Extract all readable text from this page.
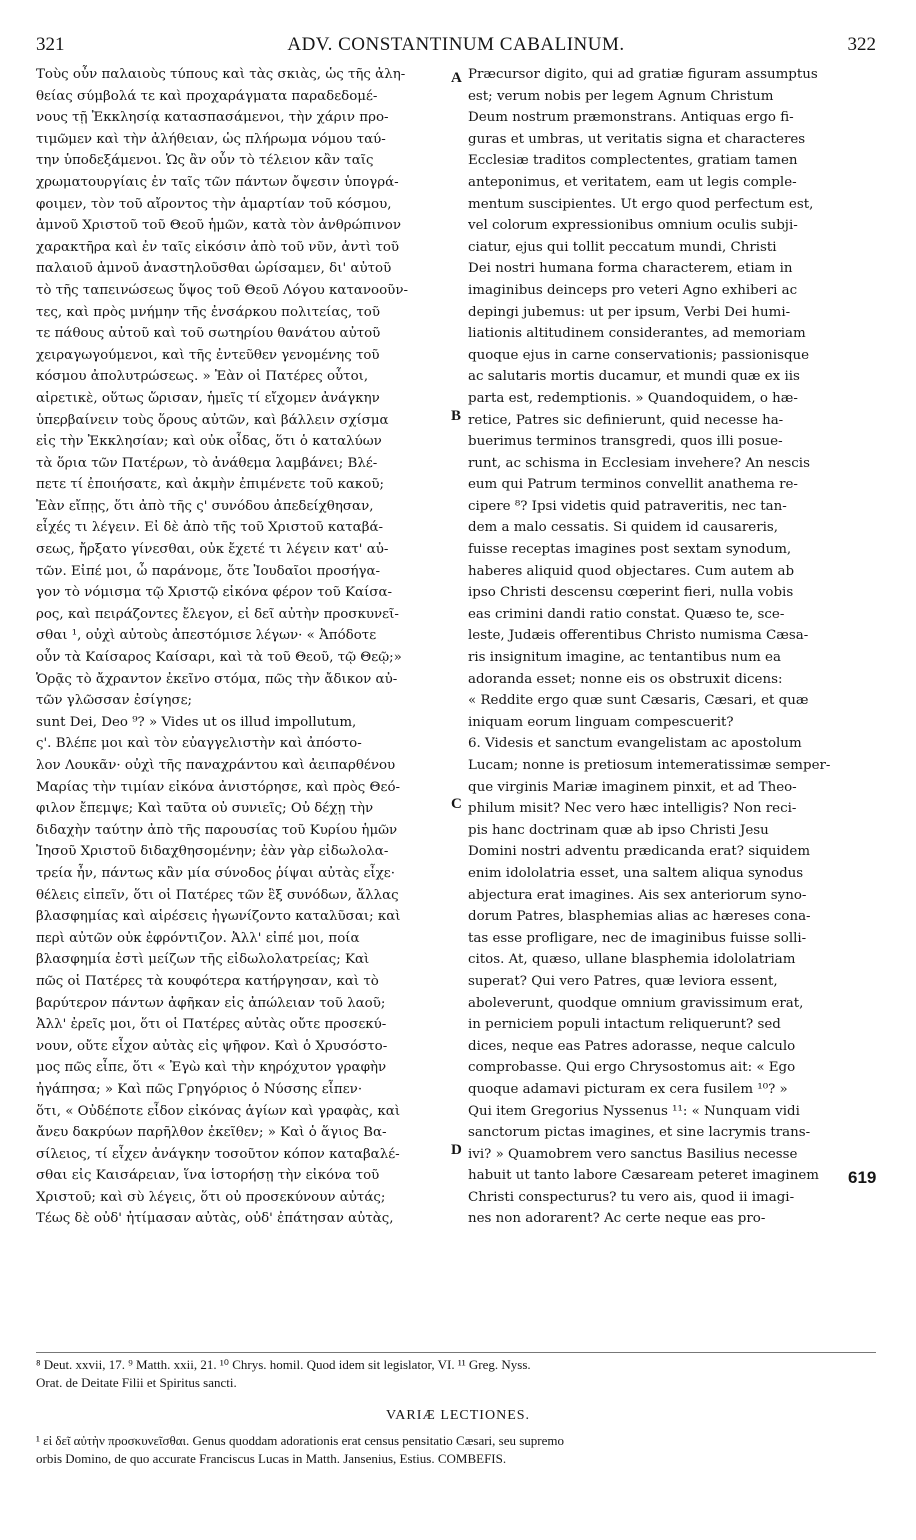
321	ADV. CONSTANTINUM CABALINUM.	322
Τοὺς οὖν παλαιοὺς τύπους καὶ τὰς σκιὰς, ὡς τῆς ἀλη-
θείας σύμβολά τε καὶ προχαράγματα παραδεδομέ-
νους τῇ Ἐκκλησίᾳ κατασπασάμενοι, τὴν χάριν προ-
τιμῶμεν καὶ τὴν ἀλήθειαν, ὡς πλήρωμα νόμου ταύ-
την ὑποδεξάμενοι. Ὡς ἂν οὖν τὸ τέλειον κἂν ταῖς
χρωματουργίαις ἐν ταῖς τῶν πάντων ὄψεσιν ὑπογρά-
φοιμεν, τὸν τοῦ αἴροντος τὴν ἁμαρτίαν τοῦ κόσμου,
ἀμνοῦ Χριστοῦ τοῦ Θεοῦ ἡμῶν, κατὰ τὸν ἀνθρώπινον
χαρακτῆρα καὶ ἐν ταῖς εἰκόσιν ἀπὸ τοῦ νῦν, ἀντὶ τοῦ
παλαιοῦ ἀμνοῦ ἀναστηλοῦσθαι ὡρίσαμεν, δι' αὐτοῦ
τὸ τῆς ταπεινώσεως ὕψος τοῦ Θεοῦ Λόγου κατανοοῦν-
τες, καὶ πρὸς μνήμην τῆς ἐνσάρκου πολιτείας, τοῦ
τε πάθους αὐτοῦ καὶ τοῦ σωτηρίου θανάτου αὐτοῦ
χειραγωγούμενοι, καὶ τῆς ἐντεῦθεν γενομένης τοῦ
κόσμου ἀπολυτρώσεως. » Ἐὰν οἱ Πατέρες οὗτοι,
αἱρετικὲ, οὕτως ὥρισαν, ἡμεῖς τί εἴχομεν ἀνάγκην
ὑπερβαίνειν τοὺς ὅρους αὐτῶν, καὶ βάλλειν σχίσμα
εἰς τὴν Ἐκκλησίαν; καὶ οὐκ οἶδας, ὅτι ὁ καταλύων
τὰ ὅρια τῶν Πατέρων, τὸ ἀνάθεμα λαμβάνει; Βλέ-
πετε τί ἐποιήσατε, καὶ ἀκμὴν ἐπιμένετε τοῦ κακοῦ;
Ἐὰν εἴπῃς, ὅτι ἀπὸ τῆς ς' συνόδου ἀπεδείχθησαν,
εἶχές τι λέγειν. Εἰ δὲ ἀπὸ τῆς τοῦ Χριστοῦ καταβά-
σεως, ἤρξατο γίνεσθαι, οὐκ ἔχετέ τι λέγειν κατ' αὐ-
τῶν. Εἰπέ μοι, ὦ παράνομε, ὅτε Ἰουδαῖοι προσήγα-
γον τὸ νόμισμα τῷ Χριστῷ εἰκόνα φέρον τοῦ Καίσα-
ρος, καὶ πειράζοντες ἔλεγον, εἰ δεῖ αὐτὴν προσκυνεῖ-
σθαι ¹, οὐχὶ αὐτοὺς ἀπεστόμισε λέγων· « Ἀπόδοτε
οὖν τὰ Καίσαρος Καίσαρι, καὶ τὰ τοῦ Θεοῦ, τῷ Θεῷ;»
Ὁρᾷς τὸ ἄχραντον ἐκεῖνο στόμα, πῶς τὴν ἄδικον αὐ-
τῶν γλῶσσαν ἐσίγησε;
sunt Dei, Deo ⁹? » Vides ut os illud impollutum,
ς'. Βλέπε μοι καὶ τὸν εὐαγγελιστὴν καὶ ἀπόστο-
λον Λουκᾶν· οὐχὶ τῆς παναχράντου καὶ ἀειπαρθένου
Μαρίας τὴν τιμίαν εἰκόνα ἀνιστόρησε, καὶ πρὸς Θεό-
φιλον ἔπεμψε; Καὶ ταῦτα οὐ συνιεῖς; Οὐ δέχῃ τὴν
διδαχὴν ταύτην ἀπὸ τῆς παρουσίας τοῦ Κυρίου ἡμῶν
Ἰησοῦ Χριστοῦ διδαχθησομένην; ἐὰν γὰρ εἰδωλολα-
τρεία ἦν, πάντως κἂν μία σύνοδος ῥίψαι αὐτὰς εἶχε·
θέλεις εἰπεῖν, ὅτι οἱ Πατέρες τῶν ἓξ συνόδων, ἄλλας
βλασφημίας καὶ αἱρέσεις ἠγωνίζοντο καταλῦσαι; καὶ
περὶ αὐτῶν οὐκ ἐφρόντιζον. Ἀλλ' εἰπέ μοι, ποία
βλασφημία ἐστὶ μείζων τῆς εἰδωλολατρείας; Καὶ
πῶς οἱ Πατέρες τὰ κουφότερα κατήργησαν, καὶ τὸ
βαρύτερον πάντων ἀφῆκαν εἰς ἀπώλειαν τοῦ λαοῦ;
Ἀλλ' ἐρεῖς μοι, ὅτι οἱ Πατέρες αὐτὰς οὔτε προσεκύ-
νουν, οὔτε εἶχον αὐτὰς εἰς ψῆφον. Καὶ ὁ Χρυσόστο-
μος πῶς εἶπε, ὅτι « Ἐγὼ καὶ τὴν κηρόχυτον γραφὴν
ἠγάπησα; » Καὶ πῶς Γρηγόριος ὁ Νύσσης εἶπεν·
ὅτι, « Οὐδέποτε εἶδον εἰκόνας ἁγίων καὶ γραφὰς, καὶ
ἄνευ δακρύων παρῆλθον ἐκεῖθεν; » Καὶ ὁ ἅγιος Βα-
σίλειος, τί εἶχεν ἀνάγκην τοσοῦτον κόπον καταβαλέ-
σθαι εἰς Καισάρειαν, ἵνα ἱστορήσῃ τὴν εἰκόνα τοῦ
Χριστοῦ; καὶ σὺ λέγεις, ὅτι οὐ προσεκύνουν αὐτάς;
Τέως δὲ οὐδ' ἠτίμασαν αὐτὰς, οὐδ' ἐπάτησαν αὐτὰς,
Præcursor digito, qui ad gratiæ figuram assumptus
est; verum nobis per legem Agnum Christum
Deum nostrum præmonstrans. Antiquas ergo fi-
guras et umbras, ut veritatis signa et characteres
Ecclesiæ traditos complectentes, gratiam tamen
anteponimus, et veritatem, eam ut legis comple-
mentum suscipientes. Ut ergo quod perfectum est,
vel colorum expressionibus omnium oculis subji-
ciatur, ejus qui tollit peccatum mundi, Christi
Dei nostri humana forma characterem, etiam in
imaginibus deinceps pro veteri Agno exhiberi ac
depingi jubemus: ut per ipsum, Verbi Dei humi-
liationis altitudinem considerantes, ad memoriam
quoque ejus in carne conservationis; passionisque
ac salutaris mortis ducamur, et mundi quæ ex iis
parta est, redemptionis. » Quandoquidem, o hæ-
retice, Patres sic definierunt, quid necesse ha-
buerimus terminos transgredi, quos illi posue-
runt, ac schisma in Ecclesiam invehere? An nescis
eum qui Patrum terminos convellit anathema re-
cipere ⁸? Ipsi videtis quid patraveritis, nec tan-
dem a malo cessatis. Si quidem id causareris,
fuisse receptas imagines post sextam synodum,
haberes aliquid quod objectares. Cum autem ab
ipso Christi descensu cœperint fieri, nulla vobis
eas crimini dandi ratio constat. Quæso te, sce-
leste, Judæis offerentibus Christo numisma Cæsa-
ris insignitum imagine, ac tentantibus num ea
adoranda esset; nonne eis os obstruxit dicens:
« Reddite ergo quæ sunt Cæsaris, Cæsari, et quæ
iniquam eorum linguam compescuerit?
6. Videsis et sanctum evangelistam ac apostolum
Lucam; nonne is pretiosum intemeratissimæ semper-
que virginis Mariæ imaginem pinxit, et ad Theo-
philum misit? Nec vero hæc intelligis? Non reci-
pis hanc doctrinam quæ ab ipso Christi Jesu
Domini nostri adventu prædicanda erat? siquidem
enim idololatria esset, una saltem aliqua synodus
abjectura erat imagines. Ais sex anteriorum syno-
dorum Patres, blasphemias alias ac hæreses cona-
tas esse profligare, nec de imaginibus fuisse solli-
citos. At, quæso, ullane blasphemia idololatriam
superat? Qui vero Patres, quæ leviora essent,
aboleverunt, quodque omnium gravissimum erat,
in perniciem populi intactum reliquerunt? sed
dices, neque eas Patres adorasse, neque calculo
comprobasse. Qui ergo Chrysostomus ait: « Ego
quoque adamavi picturam ex cera fusilem ¹⁰? »
Qui item Gregorius Nyssenus ¹¹: « Nunquam vidi
sanctorum pictas imagines, et sine lacrymis trans-
ivi? » Quamobrem vero sanctus Basilius necesse
habuit ut tanto labore Cæsaream peteret imaginem
Christi conspecturus? tu vero ais, quod ii imagi-
nes non adorarent? Ac certe neque eas pro-
A
B
C
D
619
⁸ Deut. xxvii, 17. ⁹ Matth. xxii, 21. ¹⁰ Chrys. homil. Quod idem sit legislator, VI. ¹¹ Greg. Nyss.
Orat. de Deitate Filii et Spiritus sancti.
VARIÆ LECTIONES.
¹ εἰ δεῖ αὐτὴν προσκυνεῖσθαι. Genus quoddam adorationis erat census pensitatio Cæsari, seu supremo
orbis Domino, de quo accurate Franciscus Lucas in Matth. Jansenius, Estius. COMBEFIS.
